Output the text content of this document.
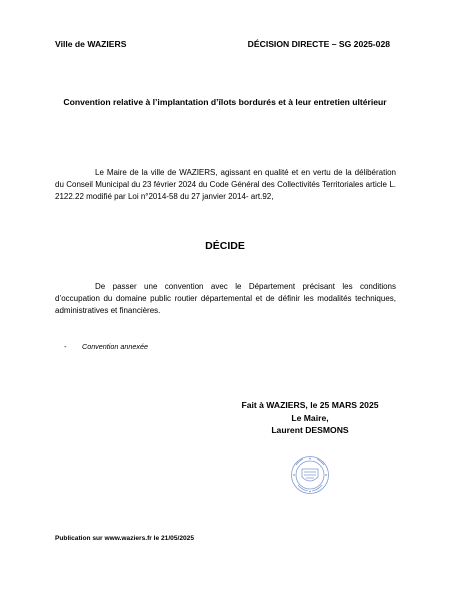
Ville de WAZIERS	DÉCISION DIRECTE – SG 2025-028
Convention relative à l’implantation d’îlots bordurés et à leur entretien ultérieur
Le Maire de la ville de WAZIERS, agissant en qualité et en vertu de la délibération du Conseil Municipal du 23 février 2024 du Code Général des Collectivités Territoriales article L. 2122.22 modifié par Loi n°2014-58 du 27 janvier 2014- art.92,
DÉCIDE
De passer une convention avec le Département précisant les conditions d’occupation du domaine public routier départemental et de définir les modalités techniques, administratives et financières.
- Convention annexée
Fait à WAZIERS, le 25 MARS 2025
Le Maire,
Laurent DESMONS
Publication sur www.waziers.fr le 21/05/2025
